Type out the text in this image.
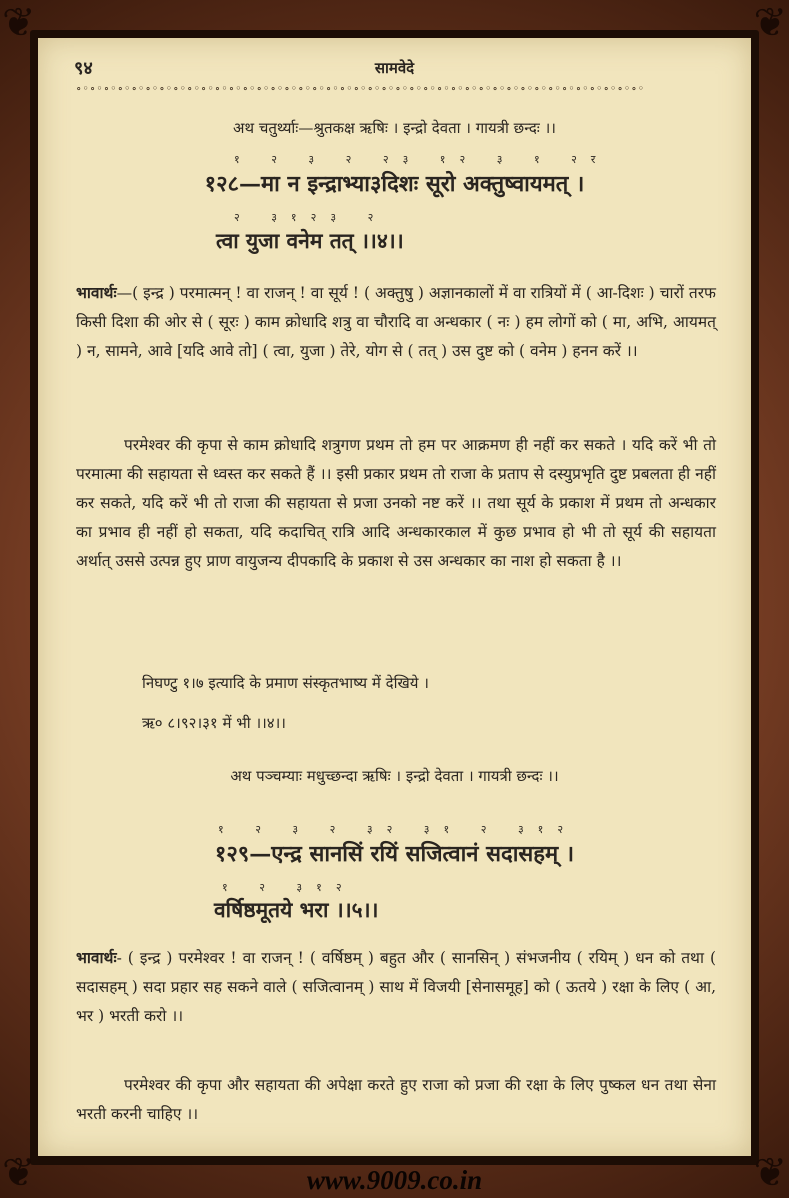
❦	❦
❦	❦
९४	सामवेदे
∘◦∘◦∘◦∘◦∘◦∘◦∘◦∘◦∘◦∘◦∘◦∘◦∘◦∘◦∘◦∘◦∘◦∘◦∘◦∘◦∘◦∘◦∘◦∘◦∘◦∘◦∘◦∘◦∘◦∘◦∘◦∘◦∘◦∘◦∘◦∘◦∘◦∘◦∘◦∘◦∘◦
अथ चतुर्थ्याः—श्रुतकक्ष ऋषिः । इन्द्रो देवता । गायत्री छन्दः ।।
१ २ ३ २ २३ १२ ३ १ २र
१२८—मा न इन्द्राभ्या३दिशः सूरो अक्तुष्वायमत् ।
२ ३१२३ २
त्वा युजा वनेम तत् ।।४।।
भावार्थः—( इन्द्र ) परमात्मन् ! वा राजन् ! वा सूर्य ! ( अक्तुषु ) अज्ञानकालों में वा रात्रियों में ( आ-दिशः ) चारों तरफ किसी दिशा की ओर से ( सूरः ) काम क्रोधादि शत्रु वा चौरादि वा अन्धकार ( नः ) हम लोगों को ( मा, अभि, आयमत् ) न, सामने, आवे [यदि आवे तो] ( त्वा, युजा ) तेरे, योग से ( तत् ) उस दुष्ट को ( वनेम ) हनन करें ।।
परमेश्वर की कृपा से काम क्रोधादि शत्रुगण प्रथम तो हम पर आक्रमण ही नहीं कर सकते । यदि करें भी तो परमात्मा की सहायता से ध्वस्त कर सकते हैं ।। इसी प्रकार प्रथम तो राजा के प्रताप से दस्युप्रभृति दुष्ट प्रबलता ही नहीं कर सकते, यदि करें भी तो राजा की सहायता से प्रजा उनको नष्ट करें ।। तथा सूर्य के प्रकाश में प्रथम तो अन्धकार का प्रभाव ही नहीं हो सकता, यदि कदाचित् रात्रि आदि अन्धकारकाल में कुछ प्रभाव हो भी तो सूर्य की सहायता अर्थात् उससे उत्पन्न हुए प्राण वायुजन्य दीपकादि के प्रकाश से उस अन्धकार का नाश हो सकता है ।।
निघण्टु १।७ इत्यादि के प्रमाण संस्कृतभाष्य में देखिये ।
ऋ० ८।९२।३१ में भी ।।४।।
अथ पञ्चम्याः मधुच्छन्दा ऋषिः । इन्द्रो देवता । गायत्री छन्दः ।।
१ २ ३ २ ३२ ३१ २ ३१२
१२९—एन्द्र सानसिं रयिं सजित्वानं सदासहम् ।
१ २ ३१२
वर्षिष्ठमूतये भरा ।।५।।
भावार्थः- ( इन्द्र ) परमेश्वर ! वा राजन् ! ( वर्षिष्ठम् ) बहुत और ( सानसिन् ) संभजनीय ( रयिम् ) धन को तथा ( सदासहम् ) सदा प्रहार सह सकने वाले ( सजित्वानम् ) साथ में विजयी [सेनासमूह] को ( ऊतये ) रक्षा के लिए ( आ, भर ) भरती करो ।।
परमेश्वर की कृपा और सहायता की अपेक्षा करते हुए राजा को प्रजा की रक्षा के लिए पुष्कल धन तथा सेना भरती करनी चाहिए ।।
www.9009.co.in
